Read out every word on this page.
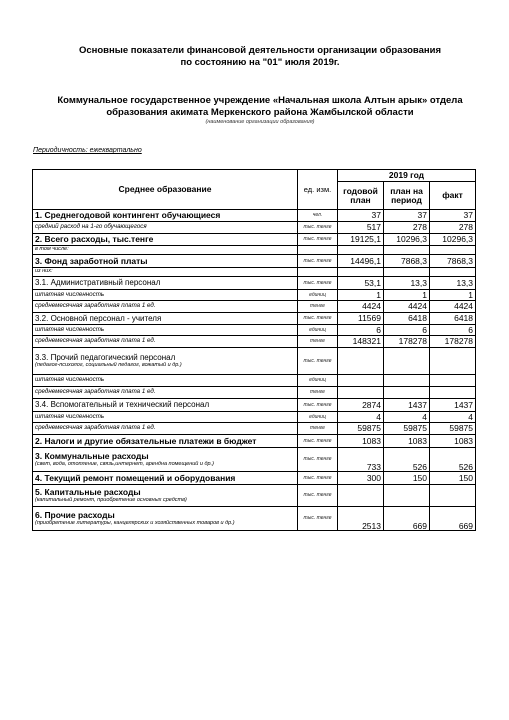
Основные показатели финансовой деятельности организации образования
по состоянию на "01" июля 2019г.
Коммунальное государственное учреждение «Начальная школа Алтын арык» отдела
образования акимата Меркенского района Жамбылской области
(наименование организации образования)
Периодичность: ежеквартально
Среднее образование	ед. изм.	2019 год		
		годовой план	план на период	факт
1. Среднегодовой контингент обучающиеся	чел.	37	37	37
средний расход на 1-го обучающегося	тыс. тенге	517	278	278
2. Всего расходы, тыс.тенге	тыс. тенге	19125,1	10296,3	10296,3
в том числе:				
3. Фонд заработной платы	тыс. тенге	14496,1	7868,3	7868,3
из них:				
3.1. Административный персонал	тыс. тенге	53,1	13,3	13,3
штатная численность	единиц	1	1	1
среднемесячная заработная плата 1 ед.	тенге	4424	4424	4424
3.2. Основной персонал - учителя	тыс. тенге	11569	6418	6418
штатная численность	единиц	6	6	6
среднемесячная заработная плата 1 ед.	тенге	148321	178278	178278
3.3. Прочий педагогический персонал
(педагог-психолог, социальный педагог, вожатый и др.)	тыс. тенге			
штатная численность	единиц			
среднемесячная заработная плата 1 ед.	тенге			
3.4. Вспомогательный и технический персонал	тыс. тенге	2874	1437	1437
штатная численность	единиц	4	4	4
среднемесячная заработная плата 1 ед.	тенге	59875	59875	59875
2. Налоги и другие обязательные платежи в бюджет	тыс. тенге	1083	1083	1083
3. Коммунальные расходы
(свет, вода, отопление, связь,интернет, арендна помещений и др.)	тыс. тенге	733	526	526
4. Текущий ремонт помещений и оборудования	тыс. тенге	300	150	150
5. Капитальные расходы
(капитальный ремонт, приобретение основных средств)	тыс. тенге			
6. Прочие расходы
(приобретение литературы, канцелярских и хозяйственных товаров и др.)	тыс. тенге	2513	669	669
